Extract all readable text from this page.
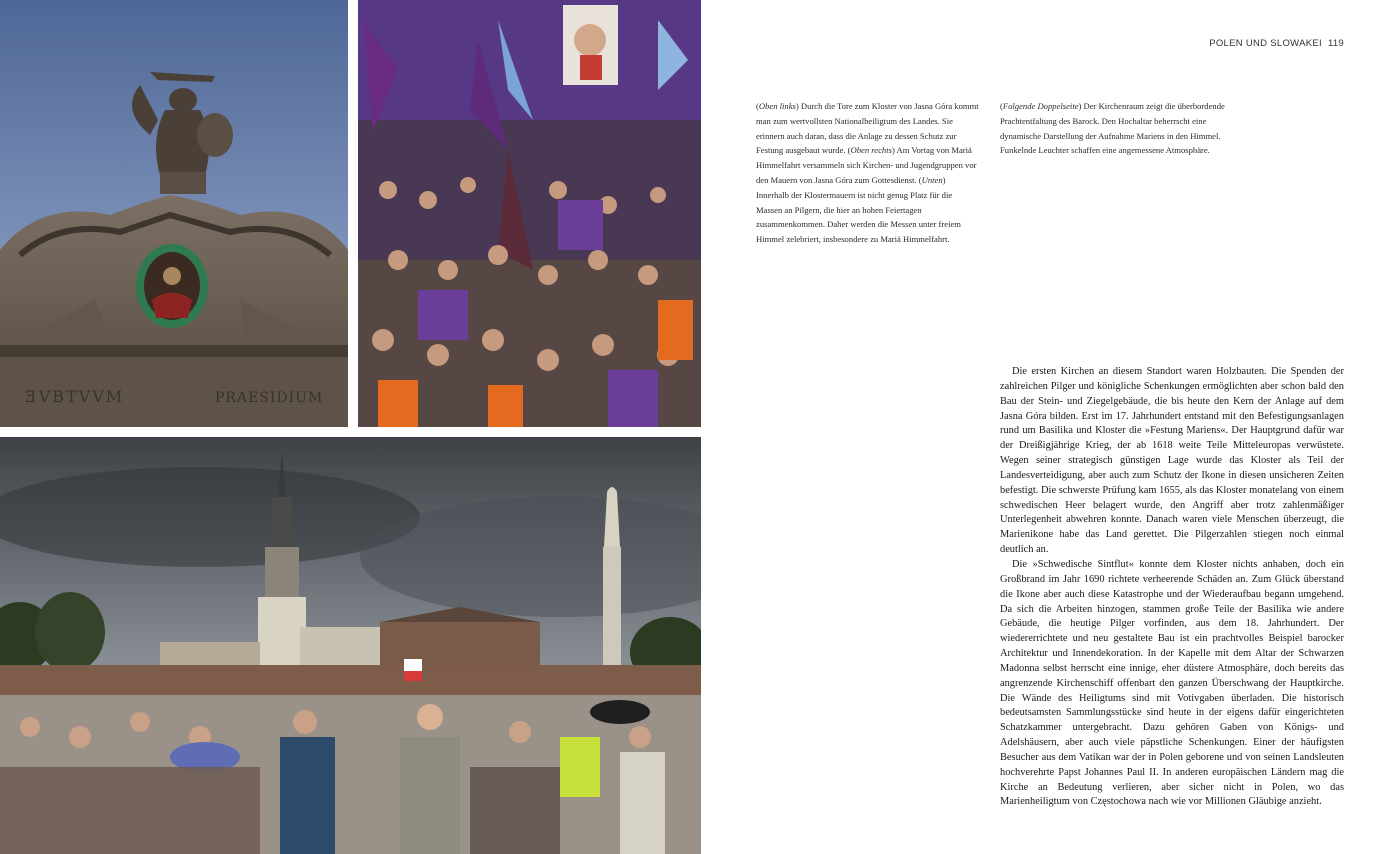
ƎVBTVVM	PRAESIDIUM
POLEN UND SLOWAKEI 119
(Oben links) Durch die Tore zum Kloster von Jasna Góra kommt man zum wertvollsten Nationalheiligtum des Landes. Sie erinnern auch daran, dass die Anlage zu dessen Schutz zur Festung ausgebaut wurde. (Oben rechts) Am Vortag von Mariä Himmelfahrt versammeln sich Kirchen- und Jugendgruppen vor den Mauern von Jasna Góra zum Gottesdienst. (Unten) Innerhalb der Klostermauern ist nicht genug Platz für die Massen an Pilgern, die hier an hohen Feiertagen zusammenkommen. Daher werden die Messen unter freiem Himmel zelebriert, insbesondere zu Mariä Himmelfahrt.
(Folgende Doppelseite) Der Kirchenraum zeigt die überbordende Prachtentfaltung des Barock. Den Hochaltar beherrscht eine dynamische Darstellung der Aufnahme Mariens in den Himmel. Funkelnde Leuchter schaffen eine angemessene Atmosphäre.

Die ersten Kirchen an diesem Standort waren Holzbauten. Die Spenden der zahlreichen Pilger und königliche Schenkungen ermöglichten aber schon bald den Bau der Stein- und Ziegelgebäude, die bis heute den Kern der Anlage auf dem Jasna Góra bilden. Erst im 17. Jahrhundert entstand mit den Befestigungsanlagen rund um Basilika und Kloster die »Festung Mariens«. Der Hauptgrund dafür war der Dreißigjährige Krieg, der ab 1618 weite Teile Mitteleuropas verwüstete. Wegen seiner strategisch günstigen Lage wurde das Kloster als Teil der Landesverteidigung, aber auch zum Schutz der Ikone in diesen unsicheren Zeiten befestigt. Die schwerste Prüfung kam 1655, als das Kloster monatelang von einem schwedischen Heer belagert wurde, den Angriff aber trotz zahlenmäßiger Unterlegenheit abwehren konnte. Danach waren viele Menschen überzeugt, die Marienikone habe das Land gerettet. Die Pilgerzahlen stiegen noch einmal deutlich an.

Die »Schwedische Sintflut« konnte dem Kloster nichts anhaben, doch ein Großbrand im Jahr 1690 richtete verheerende Schäden an. Zum Glück überstand die Ikone aber auch diese Katastrophe und der Wiederaufbau begann umgehend. Da sich die Arbeiten hinzogen, stammen große Teile der Basilika wie andere Gebäude, die heutige Pilger vorfinden, aus dem 18. Jahrhundert. Der wiedererrichtete und neu gestaltete Bau ist ein prachtvolles Beispiel barocker Architektur und Innendekoration. In der Kapelle mit dem Altar der Schwarzen Madonna selbst herrscht eine innige, eher düstere Atmosphäre, doch bereits das angrenzende Kirchenschiff offenbart den ganzen Überschwang der Hauptkirche. Die Wände des Heiligtums sind mit Votivgaben überladen. Die historisch bedeutsamsten Sammlungsstücke sind heute in der eigens dafür eingerichteten Schatzkammer untergebracht. Dazu gehören Gaben von Königs- und Adelshäusern, aber auch viele päpstliche Schenkungen. Einer der häufigsten Besucher aus dem Vatikan war der in Polen geborene und von seinen Landsleuten hochverehrte Papst Johannes Paul II. In anderen europäischen Ländern mag die Kirche an Bedeutung verlieren, aber sicher nicht in Polen, wo das Marienheiligtum von Częstochowa nach wie vor Millionen Gläubige anzieht.
